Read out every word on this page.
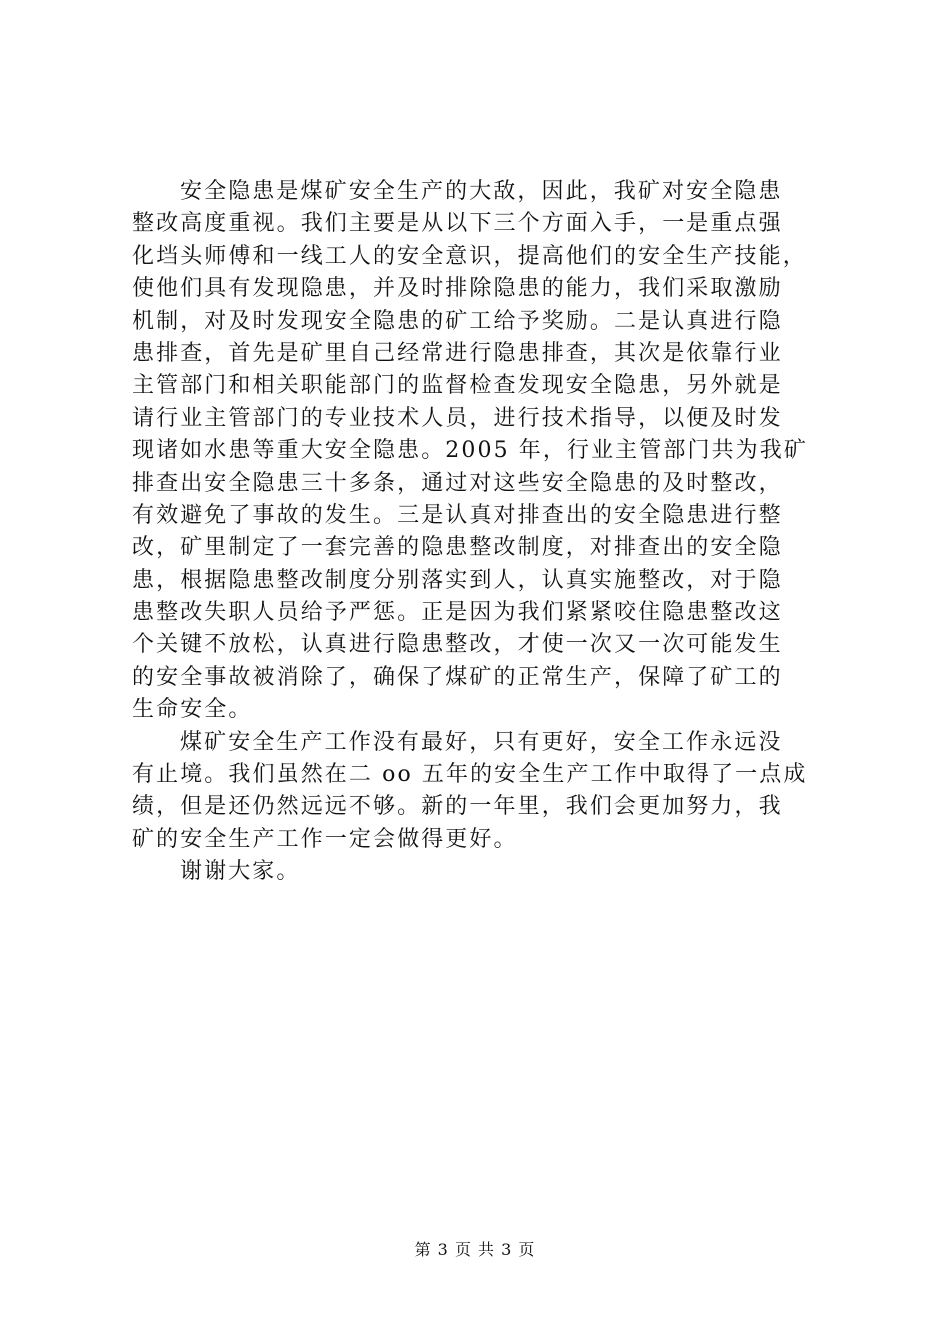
安全隐患是煤矿安全生产的大敌，因此，我矿对安全隐患
整改高度重视。我们主要是从以下三个方面入手，一是重点强
化垱头师傅和一线工人的安全意识，提高他们的安全生产技能，
使他们具有发现隐患，并及时排除隐患的能力，我们采取激励
机制，对及时发现安全隐患的矿工给予奖励。二是认真进行隐
患排查，首先是矿里自己经常进行隐患排查，其次是依靠行业
主管部门和相关职能部门的监督检查发现安全隐患，另外就是
请行业主管部门的专业技术人员，进行技术指导，以便及时发
现诸如水患等重大安全隐患。2005 年，行业主管部门共为我矿
排查出安全隐患三十多条，通过对这些安全隐患的及时整改，
有效避免了事故的发生。三是认真对排查出的安全隐患进行整
改，矿里制定了一套完善的隐患整改制度，对排查出的安全隐
患，根据隐患整改制度分别落实到人，认真实施整改，对于隐
患整改失职人员给予严惩。正是因为我们紧紧咬住隐患整改这
个关键不放松，认真进行隐患整改，才使一次又一次可能发生
的安全事故被消除了，确保了煤矿的正常生产，保障了矿工的
生命安全。
煤矿安全生产工作没有最好，只有更好，安全工作永远没
有止境。我们虽然在二 oo 五年的安全生产工作中取得了一点成
绩，但是还仍然远远不够。新的一年里，我们会更加努力，我
矿的安全生产工作一定会做得更好。
谢谢大家。
第 3 页 共 3 页
